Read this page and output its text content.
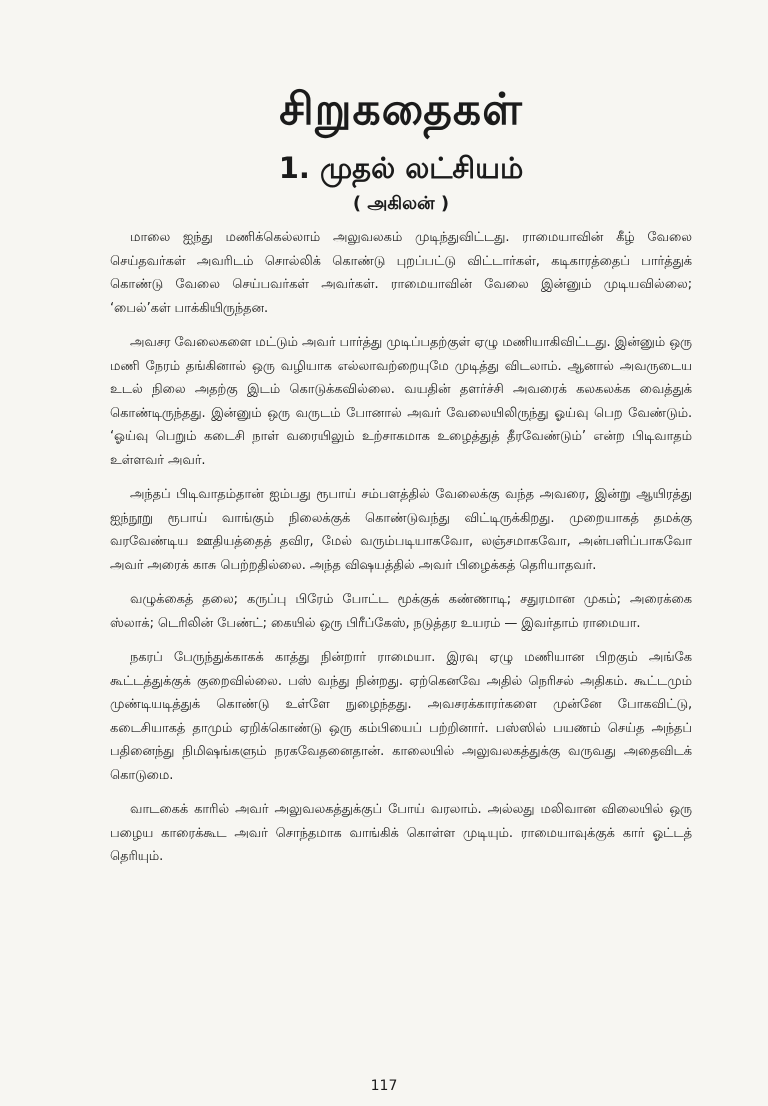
சிறுகதைகள்
1. முதல் லட்சியம்
( அகிலன் )

மாலை ஐந்து மணிக்கெல்லாம் அலுவலகம் முடிந்துவிட்டது. ராமையாவின் கீழ் வேலை செய்தவர்கள் அவரிடம் சொல்லிக் கொண்டு புறப்பட்டு விட்டார்கள், கடிகாரத்தைப் பார்த்துக் கொண்டு வேலை செய்பவர்கள் அவர்கள். ராமையாவின் வேலை இன்னும் முடியவில்லை; ‘பைல்’கள் பாக்கியிருந்தன.

அவசர வேலைகளை மட்டும் அவர் பார்த்து முடிப்பதற்குள் ஏழு மணியாகிவிட்டது. இன்னும் ஒரு மணி நேரம் தங்கினால் ஒரு வழியாக எல்லாவற்றையுமே முடித்து விடலாம். ஆனால் அவருடைய உடல் நிலை அதற்கு இடம் கொடுக்கவில்லை. வயதின் தளர்ச்சி அவரைக் கலகலக்க வைத்துக் கொண்டிருந்தது. இன்னும் ஒரு வருடம் போனால் அவர் வேலையிலிருந்து ஓய்வு பெற வேண்டும். ‘ஓய்வு பெறும் கடைசி நாள் வரையிலும் உற்சாகமாக உழைத்துத் தீரவேண்டும்’ என்ற பிடிவாதம் உள்ளவர் அவர்.

அந்தப் பிடிவாதம்தான் ஐம்பது ரூபாய் சம்பளத்தில் வேலைக்கு வந்த அவரை, இன்று ஆயிரத்து ஐந்நூறு ரூபாய் வாங்கும் நிலைக்குக் கொண்டுவந்து விட்டிருக்கிறது. முறையாகத் தமக்கு வரவேண்டிய ஊதியத்தைத் தவிர, மேல் வரும்படியாகவோ, லஞ்சமாகவோ, அன்பளிப்பாகவோ அவர் அரைக் காசு பெற்றதில்லை. அந்த விஷயத்தில் அவர் பிழைக்கத் தெரியாதவர்.

வழுக்கைத் தலை; கருப்பு பிரேம் போட்ட மூக்குக் கண்ணாடி; சதுரமான முகம்; அரைக்கை ஸ்லாக்; டெரிலின் பேண்ட்; கையில் ஒரு பிரீப்கேஸ், நடுத்தர உயரம் — இவர்தாம் ராமையா.

நகரப் பேருந்துக்காகக் காத்து நின்றார் ராமையா. இரவு ஏழு மணியான பிறகும் அங்கே கூட்டத்துக்குக் குறைவில்லை. பஸ் வந்து நின்றது. ஏற்கெனவே அதில் நெரிசல் அதிகம். கூட்டமும் முண்டியடித்துக் கொண்டு உள்ளே நுழைந்தது. அவசரக்காரர்களை முன்னே போகவிட்டு, கடைசியாகத் தாமும் ஏறிக்கொண்டு ஒரு கம்பியைப் பற்றினார். பஸ்ஸில் பயணம் செய்த அந்தப் பதினைந்து நிமிஷங்களும் நரகவேதனைதான். காலையில் அலுவலகத்துக்கு வருவது அதைவிடக் கொடுமை.

வாடகைக் காரில் அவர் அலுவலகத்துக்குப் போய் வரலாம். அல்லது மலிவான விலையில் ஒரு பழைய காரைக்கூட அவர் சொந்தமாக வாங்கிக் கொள்ள முடியும். ராமையாவுக்குக் கார் ஓட்டத் தெரியும்.

117
